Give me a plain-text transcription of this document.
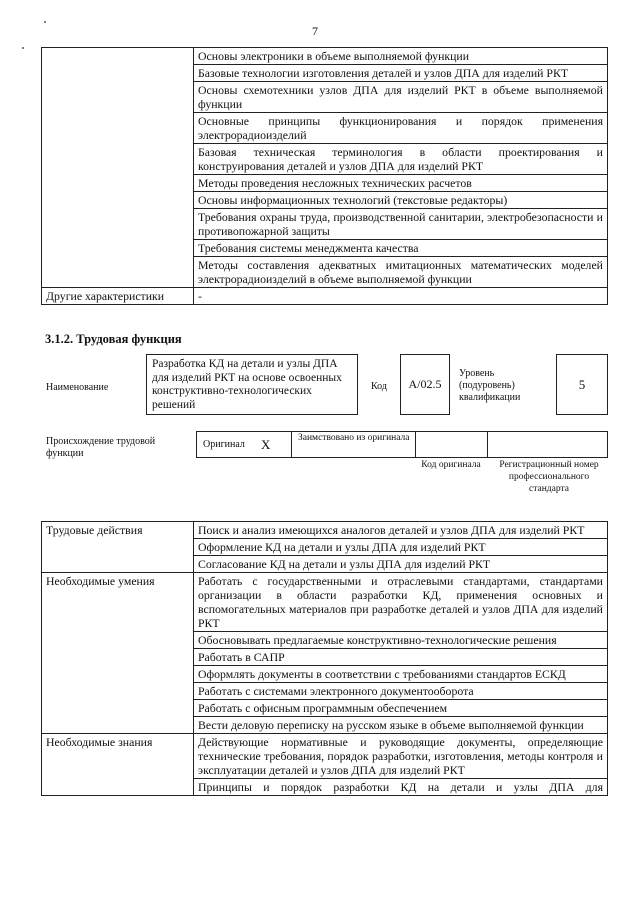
7
	Основы электроники в объеме выполняемой функции
	Базовые технологии изготовления деталей и узлов ДПА для изделий РКТ
	Основы схемотехники узлов ДПА для изделий РКТ в объеме выполняемой функции
	Основные принципы функционирования и порядок применения электрорадиоизделий
	Базовая техническая терминология в области проектирования и конструирования деталей и узлов ДПА для изделий РКТ
	Методы проведения несложных технических расчетов
	Основы информационных технологий (текстовые редакторы)
	Требования охраны труда, производственной санитарии, электробезопасности и противопожарной защиты
	Требования системы менеджмента качества
	Методы составления адекватных имитационных математических моделей электрорадиоизделий в объеме выполняемой функции
Другие характеристики	-
3.1.2. Трудовая функция
Наименование
Разработка КД на детали и узлы ДПА для изделий РКТ на основе освоенных конструктивно-технологических решений
Код	А/02.5
Уровень (подуровень) квалификации
5
Происхождение трудовой функции
Оригинал X	Заимствовано из оригинала
Код оригинала	Регистрационный номер профессионального стандарта
Трудовые действия	Поиск и анализ имеющихся аналогов деталей и узлов ДПА для изделий РКТ
	Оформление КД на детали и узлы ДПА для изделий РКТ
	Согласование КД на детали и узлы ДПА для изделий РКТ
Необходимые умения	Работать с государственными и отраслевыми стандартами, стандартами организации в области разработки КД, применения основных и вспомогательных материалов при разработке деталей и узлов ДПА для изделий РКТ
	Обосновывать предлагаемые конструктивно-технологические решения
	Работать в САПР
	Оформлять документы в соответствии с требованиями стандартов ЕСКД
	Работать с системами электронного документооборота
	Работать с офисным программным обеспечением
	Вести деловую переписку на русском языке в объеме выполняемой функции
Необходимые знания	Действующие нормативные и руководящие документы, определяющие технические требования, порядок разработки, изготовления, методы контроля и эксплуатации деталей и узлов ДПА для изделий РКТ
	Принципы и порядок разработки КД на детали и узлы ДПА для
